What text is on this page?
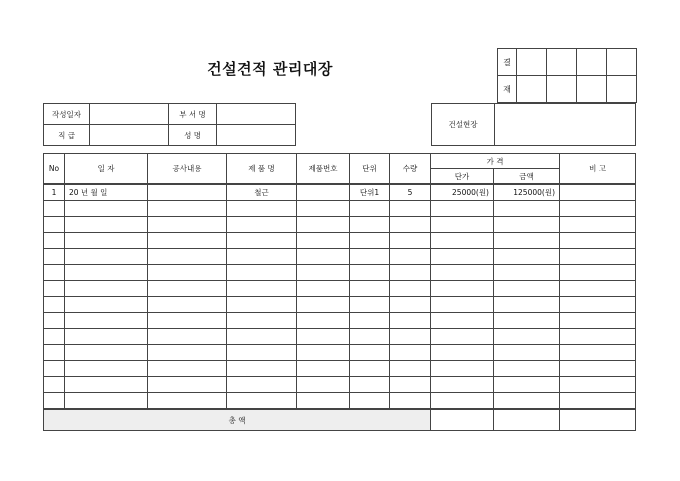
건설견적 관리대장	결				
재				
작성일자		부 서 명	
직 급		성 명	
건설현장	
No	일 자	공사내용	제 품 명	제품번호	단위	수량	가 격		비 고
							단가	금액	
1	20 년 월 일		철근		단위1	5	25000(원)	125000(원)	

총 액									
